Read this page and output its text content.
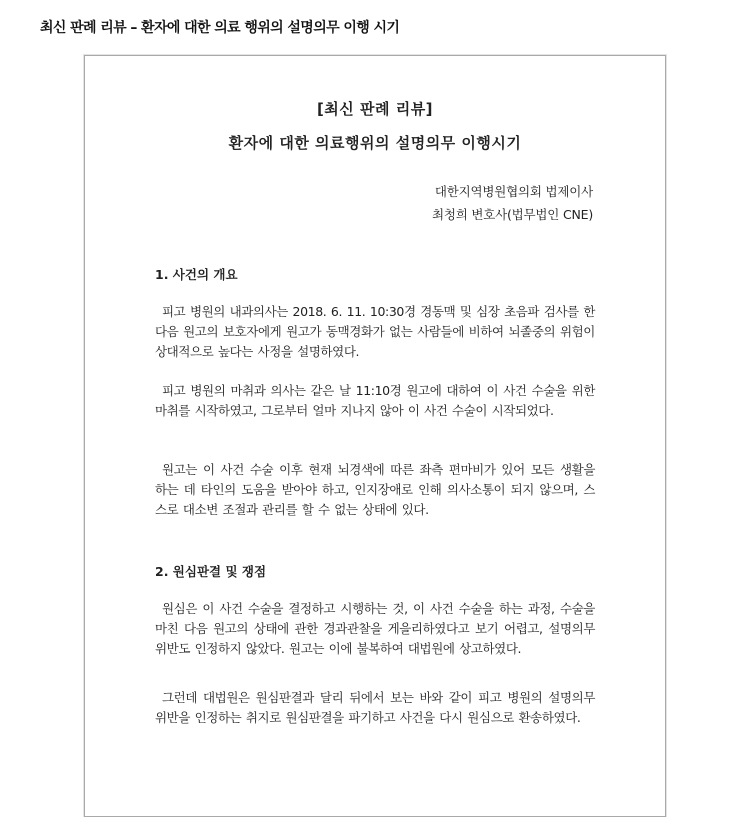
최신 판례 리뷰 – 환자에 대한 의료 행위의 설명의무 이행 시기
[최신 판례 리뷰]
환자에 대한 의료행위의 설명의무 이행시기
대한지역병원협의회 법제이사
최청희 변호사(법무법인 CNE)
1. 사건의 개요
피고 병원의 내과의사는 2018. 6. 11. 10:30경 경동맥 및 심장 초음파 검사를 한 다음 원고의 보호자에게 원고가 동맥경화가 없는 사람들에 비하여 뇌졸중의 위험이 상대적으로 높다는 사정을 설명하였다.
피고 병원의 마취과 의사는 같은 날 11:10경 원고에 대하여 이 사건 수술을 위한 마취를 시작하였고, 그로부터 얼마 지나지 않아 이 사건 수술이 시작되었다.
원고는 이 사건 수술 이후 현재 뇌경색에 따른 좌측 편마비가 있어 모든 생활을 하는 데 타인의 도움을 받아야 하고, 인지장애로 인해 의사소통이 되지 않으며, 스스로 대소변 조절과 관리를 할 수 없는 상태에 있다.
2. 원심판결 및 쟁점
원심은 이 사건 수술을 결정하고 시행하는 것, 이 사건 수술을 하는 과정, 수술을 마친 다음 원고의 상태에 관한 경과관찰을 게을리하였다고 보기 어렵고, 설명의무 위반도 인정하지 않았다. 원고는 이에 불복하여 대법원에 상고하였다.
그런데 대법원은 원심판결과 달리 뒤에서 보는 바와 같이 피고 병원의 설명의무 위반을 인정하는 취지로 원심판결을 파기하고 사건을 다시 원심으로 환송하였다.
